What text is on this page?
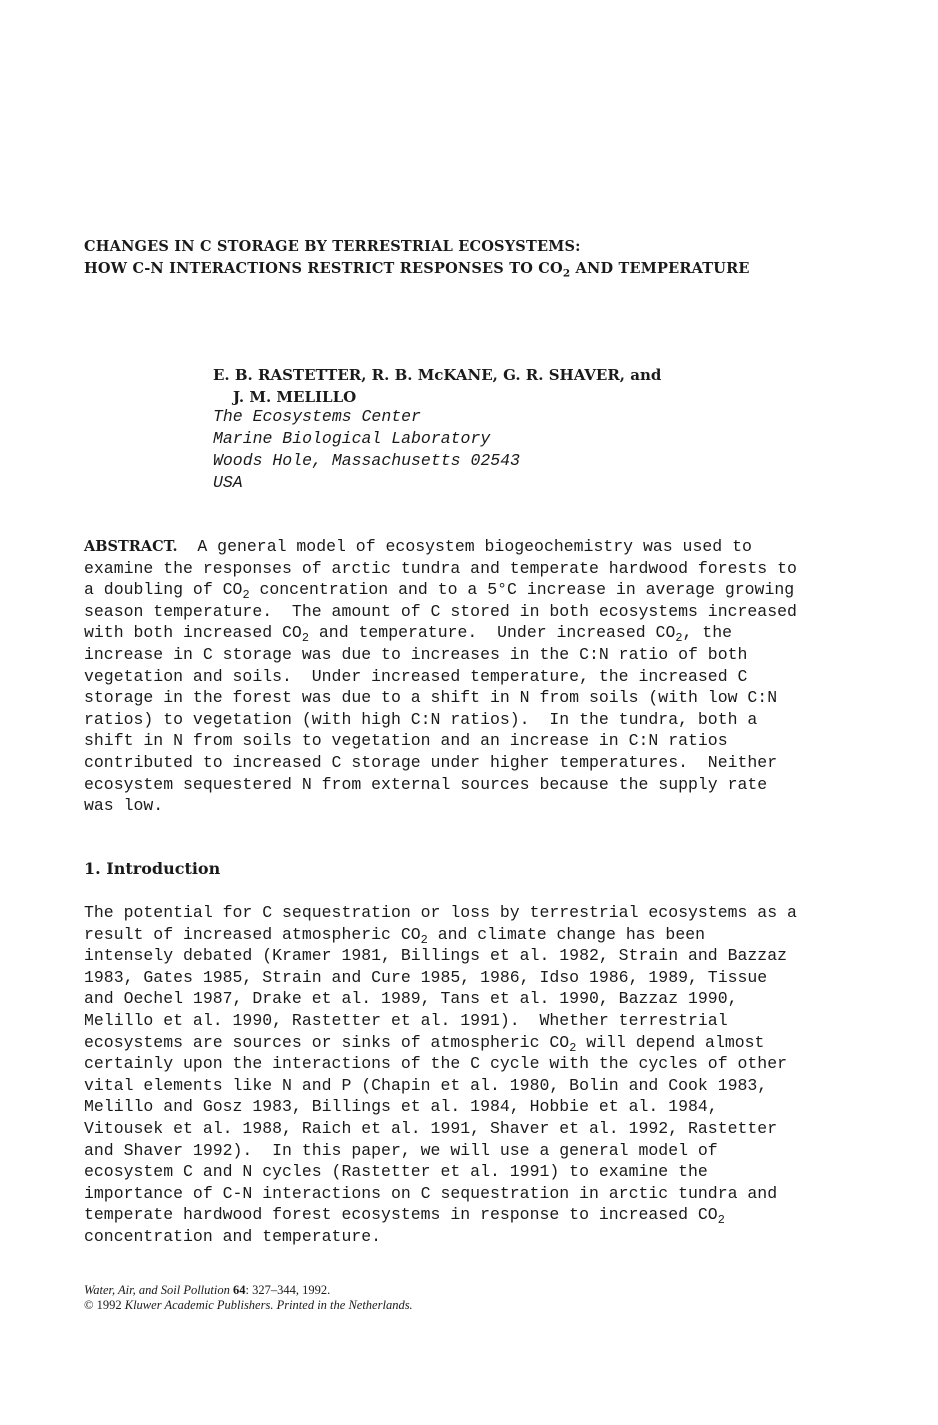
CHANGES IN C STORAGE BY TERRESTRIAL ECOSYSTEMS:
HOW C-N INTERACTIONS RESTRICT RESPONSES TO $CO_2$ AND TEMPERATURE
E. B. RASTETTER, R. B. McKANE, G. R. SHAVER, and
J. M. MELILLO
The Ecosystems Center
Marine Biological Laboratory
Woods Hole, Massachusetts 02543
USA
ABSTRACT.  A general model of ecosystem biogeochemistry was used to
examine the responses of arctic tundra and temperate hardwood forests to
a doubling of $CO_2$ concentration and to a 5°C increase in average growing
season temperature.  The amount of C stored in both ecosystems increased
with both increased $CO_2$ and temperature.  Under increased $CO_2$, the
increase in C storage was due to increases in the C:N ratio of both
vegetation and soils.  Under increased temperature, the increased C
storage in the forest was due to a shift in N from soils (with low C:N
ratios) to vegetation (with high C:N ratios).  In the tundra, both a
shift in N from soils to vegetation and an increase in C:N ratios
contributed to increased C storage under higher temperatures.  Neither
ecosystem sequestered N from external sources because the supply rate
was low.
1. Introduction
The potential for C sequestration or loss by terrestrial ecosystems as a
result of increased atmospheric $CO_2$ and climate change has been
intensely debated (Kramer 1981, Billings et al. 1982, Strain and Bazzaz
1983, Gates 1985, Strain and Cure 1985, 1986, Idso 1986, 1989, Tissue
and Oechel 1987, Drake et al. 1989, Tans et al. 1990, Bazzaz 1990,
Melillo et al. 1990, Rastetter et al. 1991).  Whether terrestrial
ecosystems are sources or sinks of atmospheric $CO_2$ will depend almost
certainly upon the interactions of the C cycle with the cycles of other
vital elements like N and P (Chapin et al. 1980, Bolin and Cook 1983,
Melillo and Gosz 1983, Billings et al. 1984, Hobbie et al. 1984,
Vitousek et al. 1988, Raich et al. 1991, Shaver et al. 1992, Rastetter
and Shaver 1992).  In this paper, we will use a general model of
ecosystem C and N cycles (Rastetter et al. 1991) to examine the
importance of C-N interactions on C sequestration in arctic tundra and
temperate hardwood forest ecosystems in response to increased $CO_2$
concentration and temperature.
Water, Air, and Soil Pollution 64: 327–344, 1992.
© 1992 Kluwer Academic Publishers. Printed in the Netherlands.
